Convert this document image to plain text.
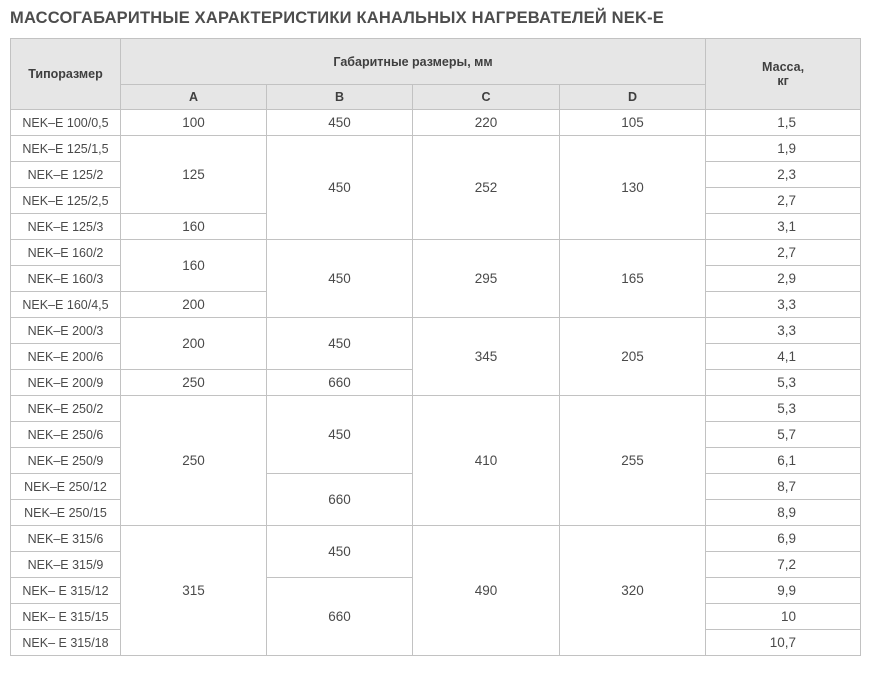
МАССОГАБАРИТНЫЕ ХАРАКТЕРИСТИКИ КАНАЛЬНЫХ НАГРЕВАТЕЛЕЙ NEK-E
Типоразмер	Габаритные размеры, мм				Масса,
кг
	A	B	C	D	
NEK–E 100/0,5	100	450	220	105	1,5
NEK–E 125/1,5	125	450	252	130	1,9
NEK–E 125/2					2,3
NEK–E 125/2,5					2,7
NEK–E 125/3	160				3,1
NEK–E 160/2	160	450	295	165	2,7
NEK–E 160/3					2,9
NEK–E 160/4,5	200				3,3
NEK–E 200/3	200	450	345	205	3,3
NEK–E 200/6					4,1
NEK–E 200/9	250	660			5,3
NEK–E 250/2	250	450	410	255	5,3
NEK–E 250/6					5,7
NEK–E 250/9					6,1
NEK–E 250/12		660			8,7
NEK–E 250/15					8,9
NEK–E 315/6	315	450	490	320	6,9
NEK–E 315/9					7,2
NEK– E 315/12		660			9,9
NEK– E 315/15					10
NEK– E 315/18					10,7
